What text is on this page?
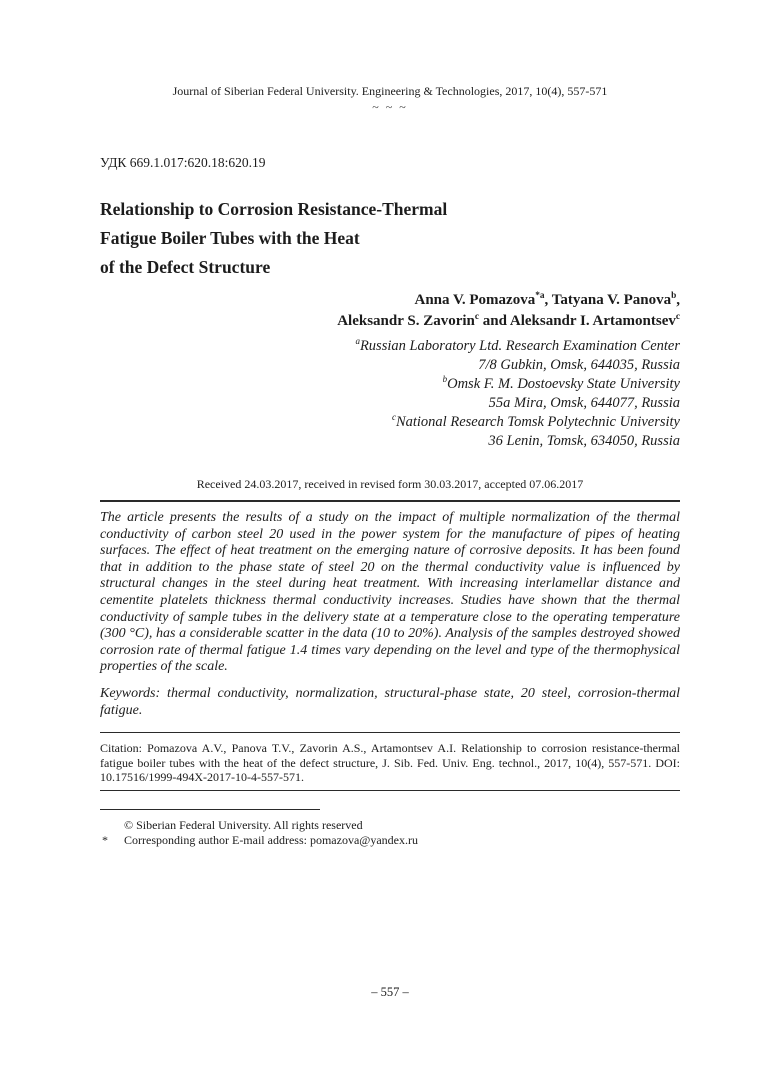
Journal of Siberian Federal University. Engineering & Technologies, 2017, 10(4), 557-571
~ ~ ~
УДК 669.1.017:620.18:620.19
Relationship to Corrosion Resistance-Thermal
Fatigue Boiler Tubes with the Heat
of the Defect Structure
Anna V. Pomazova$^{*a}$, Tatyana V. Panova$^b$,
Aleksandr S. Zavorin$^c$ and Aleksandr I. Artamontsev$^c$
$^a$Russian Laboratory Ltd. Research Examination Center
7/8 Gubkin, Omsk, 644035, Russia
$^b$Omsk F. M. Dostoevsky State University
55a Mira, Omsk, 644077, Russia
$^c$National Research Tomsk Polytechnic University
36 Lenin, Tomsk, 634050, Russia
Received 24.03.2017, received in revised form 30.03.2017, accepted 07.06.2017
The article presents the results of a study on the impact of multiple normalization of the thermal conductivity of carbon steel 20 used in the power system for the manufacture of pipes of heating surfaces. The effect of heat treatment on the emerging nature of corrosive deposits. It has been found that in addition to the phase state of steel 20 on the thermal conductivity value is influenced by structural changes in the steel during heat treatment. With increasing interlamellar distance and cementite platelets thickness thermal conductivity increases. Studies have shown that the thermal conductivity of sample tubes in the delivery state at a temperature close to the operating temperature (300 °C), has a considerable scatter in the data (10 to 20%). Analysis of the samples destroyed showed corrosion rate of thermal fatigue 1.4 times vary depending on the level and type of the thermophysical properties of the scale.
Keywords: thermal conductivity, normalization, structural-phase state, 20 steel, corrosion-thermal fatigue.
Citation: Pomazova A.V., Panova T.V., Zavorin A.S., Artamontsev A.I. Relationship to corrosion resistance-thermal fatigue boiler tubes with the heat of the defect structure, J. Sib. Fed. Univ. Eng. technol., 2017, 10(4), 557-571. DOI: 10.17516/1999-494X-2017-10-4-557-571.
© Siberian Federal University. All rights reserved
* Corresponding author E-mail address: pomazova@yandex.ru
– 557 –
